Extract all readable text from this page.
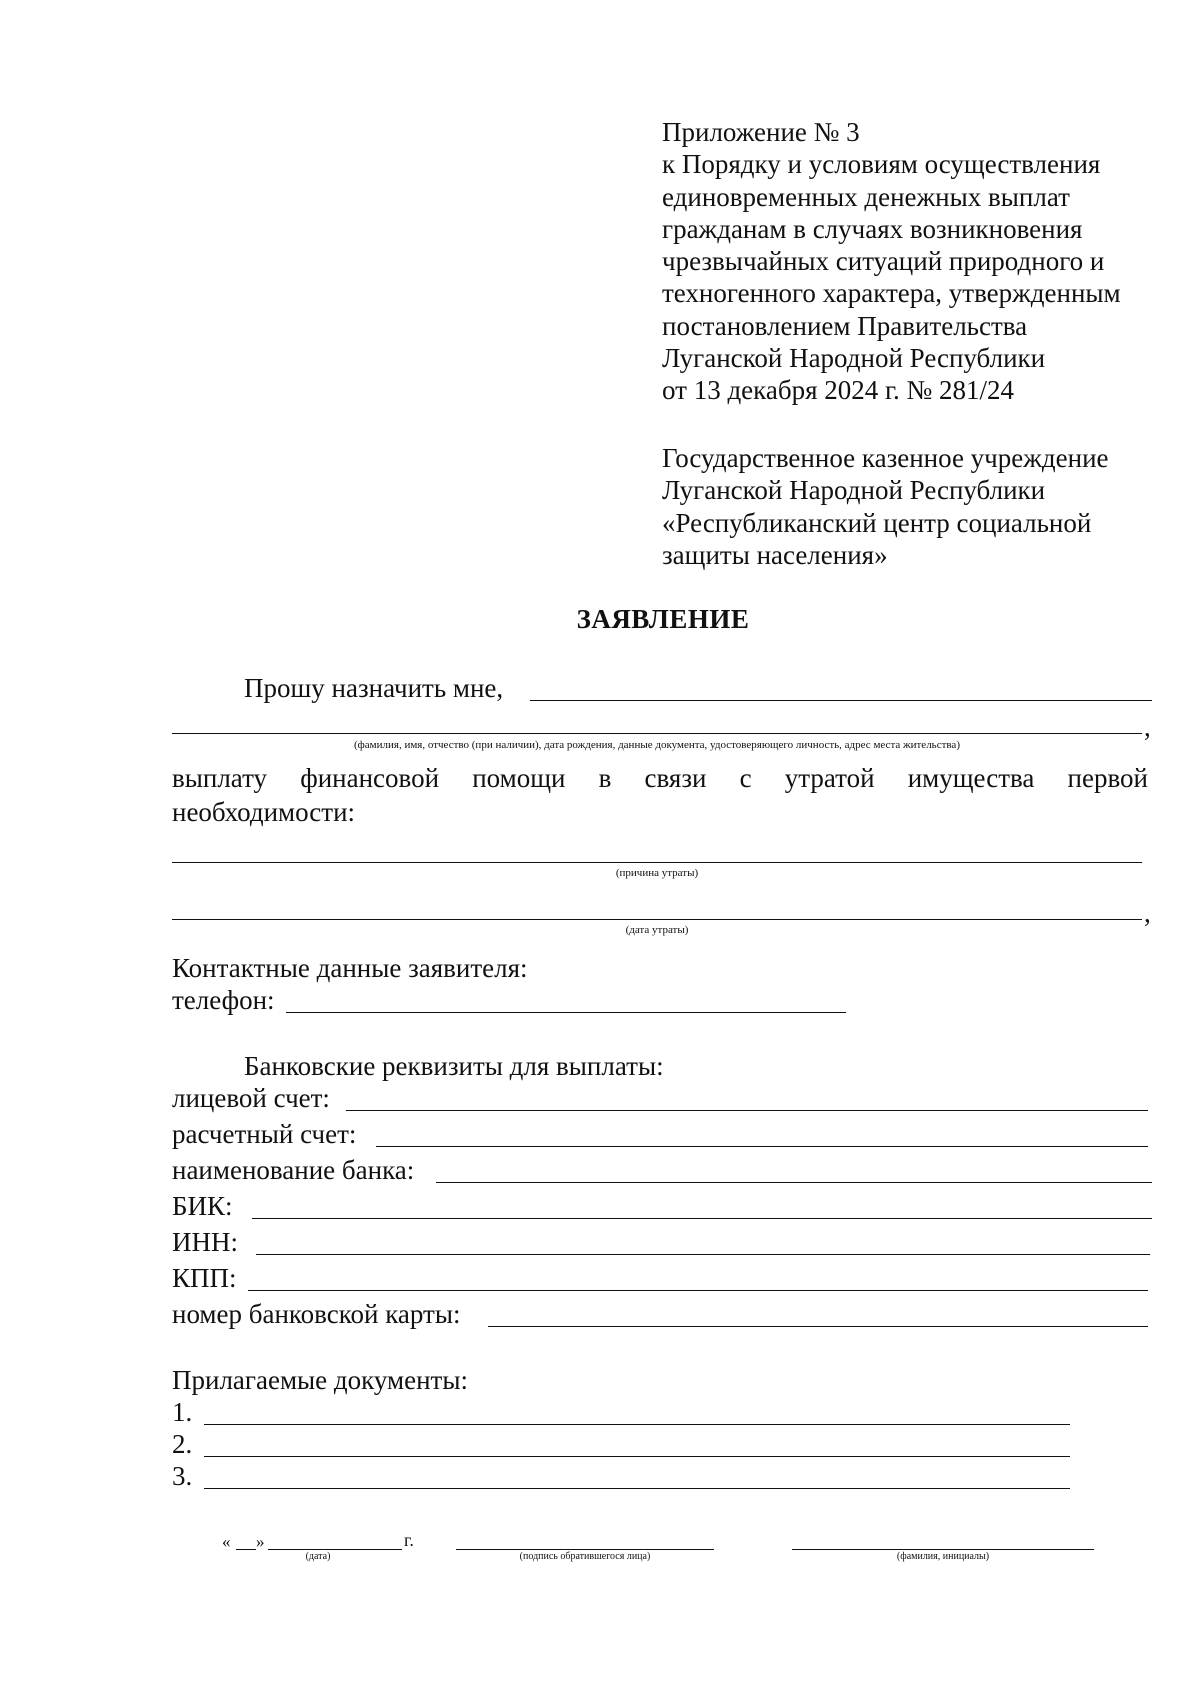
Приложение № 3
к Порядку и условиям осуществления
единовременных денежных выплат
гражданам в случаях возникновения
чрезвычайных ситуаций природного и
техногенного характера, утвержденным
постановлением Правительства
Луганской Народной Республики
от 13 декабря 2024 г. № 281/24
Государственное казенное учреждение
Луганской Народной Республики
«Республиканский центр социальной
защиты населения»
ЗАЯВЛЕНИЕ
Прошу назначить мне,
,
(фамилия, имя, отчество (при наличии), дата рождения, данные документа, удостоверяющего личность, адрес места жительства)
выплату финансовой помощи в связи с утратой имущества первой
необходимости:
(причина утраты)
,
(дата утраты)
Контактные данные заявителя:
телефон:
Банковские реквизиты для выплаты:
лицевой счет:
расчетный счет:
наименование банка:
БИК:
ИНН:
КПП:
номер банковской карты:
Прилагаемые документы:
1.
2.
3.
« »	г.
(дата)	(подпись обратившегося лица)	(фамилия, инициалы)
